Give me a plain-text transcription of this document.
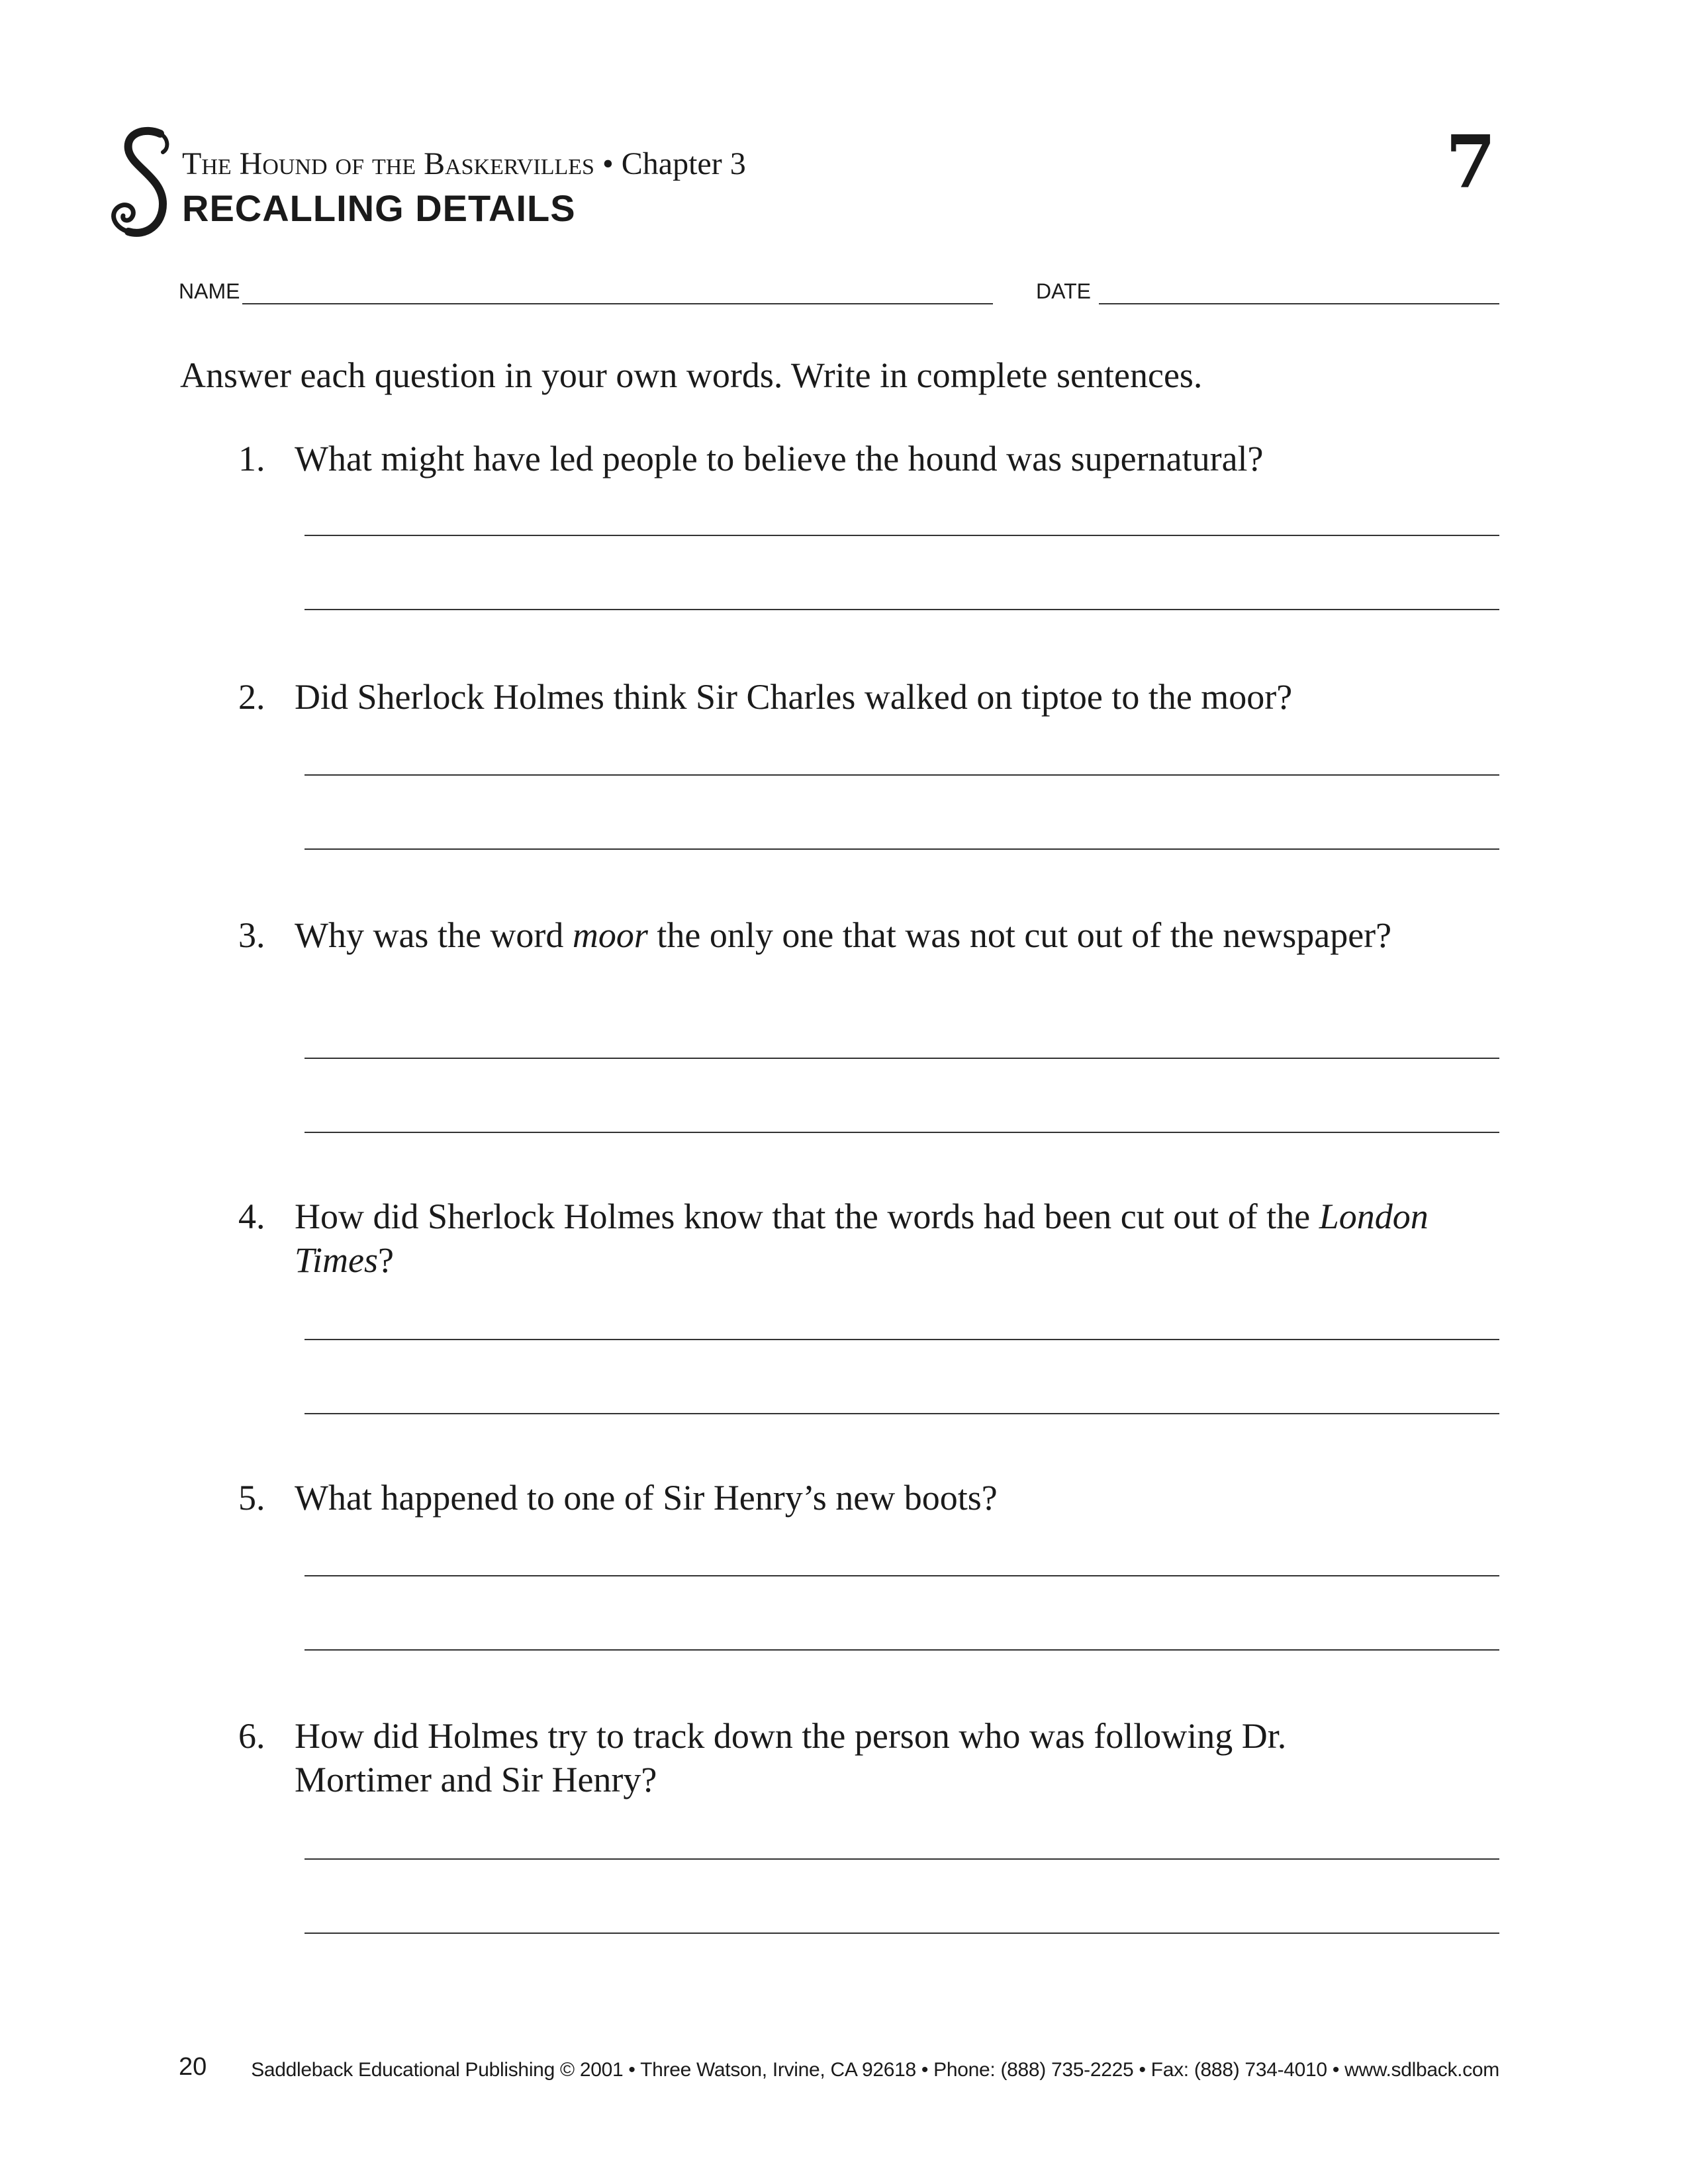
The Hound of the Baskervilles • Chapter 3
RECALLING DETAILS
7
NAME	DATE
Answer each question in your own words. Write in complete sentences.
1. What might have led people to believe the hound was supernatural?
2. Did Sherlock Holmes think Sir Charles walked on tiptoe to the moor?
3. Why was the word moor the only one that was not cut out of the newspaper?
4. How did Sherlock Holmes know that the words had been cut out of the London Times?
5. What happened to one of Sir Henry’s new boots?
6. How did Holmes try to track down the person who was following Dr. Mortimer and Sir Henry?
20 Saddleback Educational Publishing © 2001 • Three Watson, Irvine, CA 92618 • Phone: (888) 735-2225 • Fax: (888) 734-4010 • www.sdlback.com
